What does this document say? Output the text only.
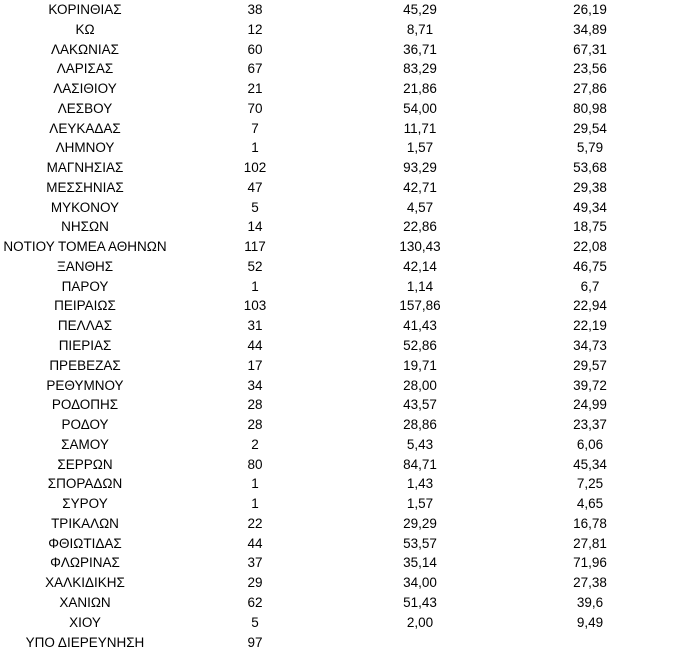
ΚΟΡΙΝΘΙΑΣ	38	45,29	26,19
ΚΩ	12	8,71	34,89
ΛΑΚΩΝΙΑΣ	60	36,71	67,31
ΛΑΡΙΣΑΣ	67	83,29	23,56
ΛΑΣΙΘΙΟΥ	21	21,86	27,86
ΛΕΣΒΟΥ	70	54,00	80,98
ΛΕΥΚΑΔΑΣ	7	11,71	29,54
ΛΗΜΝΟΥ	1	1,57	5,79
ΜΑΓΝΗΣΙΑΣ	102	93,29	53,68
ΜΕΣΣΗΝΙΑΣ	47	42,71	29,38
ΜΥΚΟΝΟΥ	5	4,57	49,34
ΝΗΣΩΝ	14	22,86	18,75
ΝΟΤΙΟΥ ΤΟΜΕΑ ΑΘΗΝΩΝ	117	130,43	22,08
ΞΑΝΘΗΣ	52	42,14	46,75
ΠΑΡΟΥ	1	1,14	6,7
ΠΕΙΡΑΙΩΣ	103	157,86	22,94
ΠΕΛΛΑΣ	31	41,43	22,19
ΠΙΕΡΙΑΣ	44	52,86	34,73
ΠΡΕΒΕΖΑΣ	17	19,71	29,57
ΡΕΘΥΜΝΟΥ	34	28,00	39,72
ΡΟΔΟΠΗΣ	28	43,57	24,99
ΡΟΔΟΥ	28	28,86	23,37
ΣΑΜΟΥ	2	5,43	6,06
ΣΕΡΡΩΝ	80	84,71	45,34
ΣΠΟΡΑΔΩΝ	1	1,43	7,25
ΣΥΡΟΥ	1	1,57	4,65
ΤΡΙΚΑΛΩΝ	22	29,29	16,78
ΦΘΙΩΤΙΔΑΣ	44	53,57	27,81
ΦΛΩΡΙΝΑΣ	37	35,14	71,96
ΧΑΛΚΙΔΙΚΗΣ	29	34,00	27,38
ΧΑΝΙΩΝ	62	51,43	39,6
ΧΙΟΥ	5	2,00	9,49
ΥΠΟ ΔΙΕΡΕΥΝΗΣΗ	97
